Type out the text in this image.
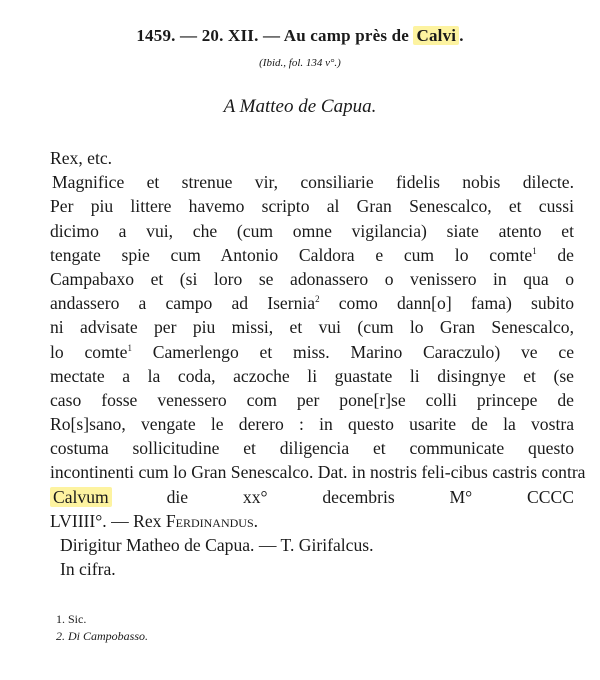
1459. — 20. XII. — Au camp près de Calvi .
(Ibid., fol. 134 v°.)
A Matteo de Capua.
Rex, etc.
Magnifice et strenue vir, consiliarie fidelis nobis dilecte.
Per piu littere havemo scripto al Gran Senescalco, et cussi
dicimo a vui, che (cum omne vigilancia) siate atento et
tengate spie cum Antonio Caldora e cum lo comte$^1$ de
Campabaxo et (si loro se adonassero o venissero in qua o
andassero a campo ad Isernia$^2$ como dann[o] fama) subito
ni advisate per piu missi, et vui (cum lo Gran Senescalco,
lo comte$^1$ Camerlengo et miss. Marino Caraczulo) ve ce
mectate a la coda, aczoche li guastate li disingnye et (se
caso fosse venessero com per pone[r]se colli princepe de
Ro[s]sano, vengate le derero : in questo usarite de la vostra
costuma sollicitudine et diligencia et communicate questo
incontinenti cum lo Gran Senescalco. Dat. in nostris feli-cibus castris contra
Calvum die xx° decembris M° CCCC
LVIIII°. — Rex Ferdinandus.
Dirigitur Matheo de Capua. — T. Girifalcus.
In cifra.
1. Sic.
2. Di Campobasso.
